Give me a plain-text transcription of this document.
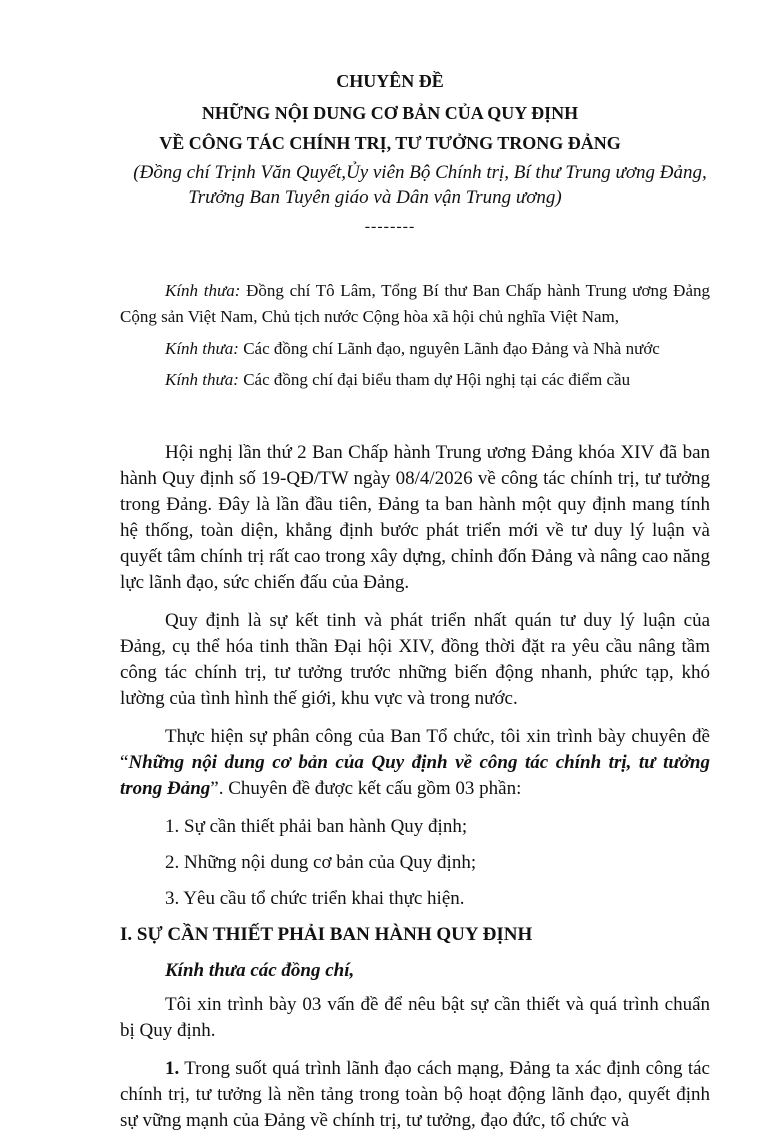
CHUYÊN ĐỀ
NHỮNG NỘI DUNG CƠ BẢN CỦA QUY ĐỊNH
VỀ CÔNG TÁC CHÍNH TRỊ, TƯ TƯỞNG TRONG ĐẢNG
(Đồng chí Trịnh Văn Quyết,Ủy viên Bộ Chính trị, Bí thư Trung ương Đảng,
Trưởng Ban Tuyên giáo và Dân vận Trung ương)
--------

Kính thưa: Đồng chí Tô Lâm, Tổng Bí thư Ban Chấp hành Trung ương Đảng Cộng sản Việt Nam, Chủ tịch nước Cộng hòa xã hội chủ nghĩa Việt Nam,

Kính thưa: Các đồng chí Lãnh đạo, nguyên Lãnh đạo Đảng và Nhà nước

Kính thưa: Các đồng chí đại biểu tham dự Hội nghị tại các điểm cầu

Hội nghị lần thứ 2 Ban Chấp hành Trung ương Đảng khóa XIV đã ban hành Quy định số 19-QĐ/TW ngày 08/4/2026 về công tác chính trị, tư tưởng trong Đảng. Đây là lần đầu tiên, Đảng ta ban hành một quy định mang tính hệ thống, toàn diện, khẳng định bước phát triển mới về tư duy lý luận và quyết tâm chính trị rất cao trong xây dựng, chỉnh đốn Đảng và nâng cao năng lực lãnh đạo, sức chiến đấu của Đảng.

Quy định là sự kết tinh và phát triển nhất quán tư duy lý luận của Đảng, cụ thể hóa tinh thần Đại hội XIV, đồng thời đặt ra yêu cầu nâng tầm công tác chính trị, tư tưởng trước những biến động nhanh, phức tạp, khó lường của tình hình thế giới, khu vực và trong nước.

Thực hiện sự phân công của Ban Tổ chức, tôi xin trình bày chuyên đề “Những nội dung cơ bản của Quy định về công tác chính trị, tư tưởng trong Đảng”. Chuyên đề được kết cấu gồm 03 phần:

1. Sự cần thiết phải ban hành Quy định;

2. Những nội dung cơ bản của Quy định;

3. Yêu cầu tổ chức triển khai thực hiện.

I. SỰ CẦN THIẾT PHẢI BAN HÀNH QUY ĐỊNH

Kính thưa các đồng chí,

Tôi xin trình bày 03 vấn đề để nêu bật sự cần thiết và quá trình chuẩn bị Quy định.

1. Trong suốt quá trình lãnh đạo cách mạng, Đảng ta xác định công tác chính trị, tư tưởng là nền tảng trong toàn bộ hoạt động lãnh đạo, quyết định sự vững mạnh của Đảng về chính trị, tư tưởng, đạo đức, tổ chức và
